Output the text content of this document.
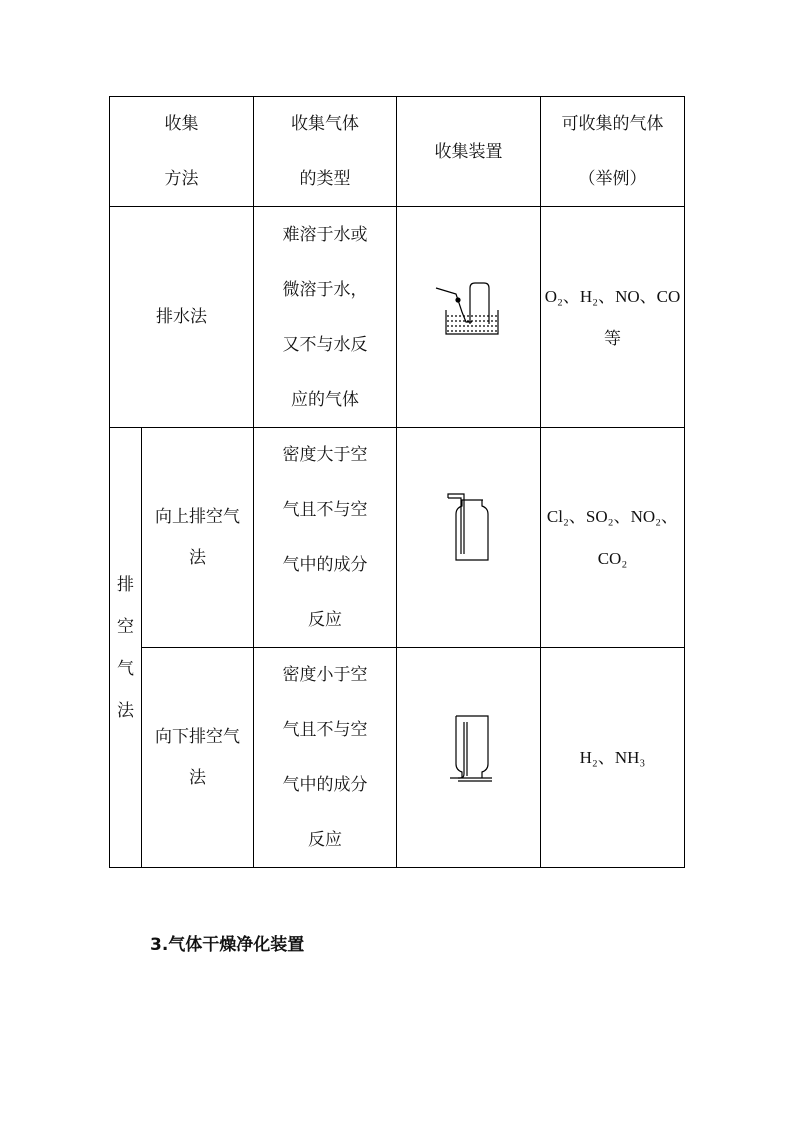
收集
方法
收集气体
的类型
收集装置
可收集的气体
（举例）
排水法
难溶于水或
微溶于水，
又不与水反
应的气体
O₂、H₂、NO、CO
等
排
空
气
法
向上排空气
法
密度大于空
气且不与空
气中的成分
反应
Cl₂、SO₂、NO₂、
CO₂
向下排空气
法
密度小于空
气且不与空
气中的成分
反应
H₂、NH₃
3.气体干燥净化装置
